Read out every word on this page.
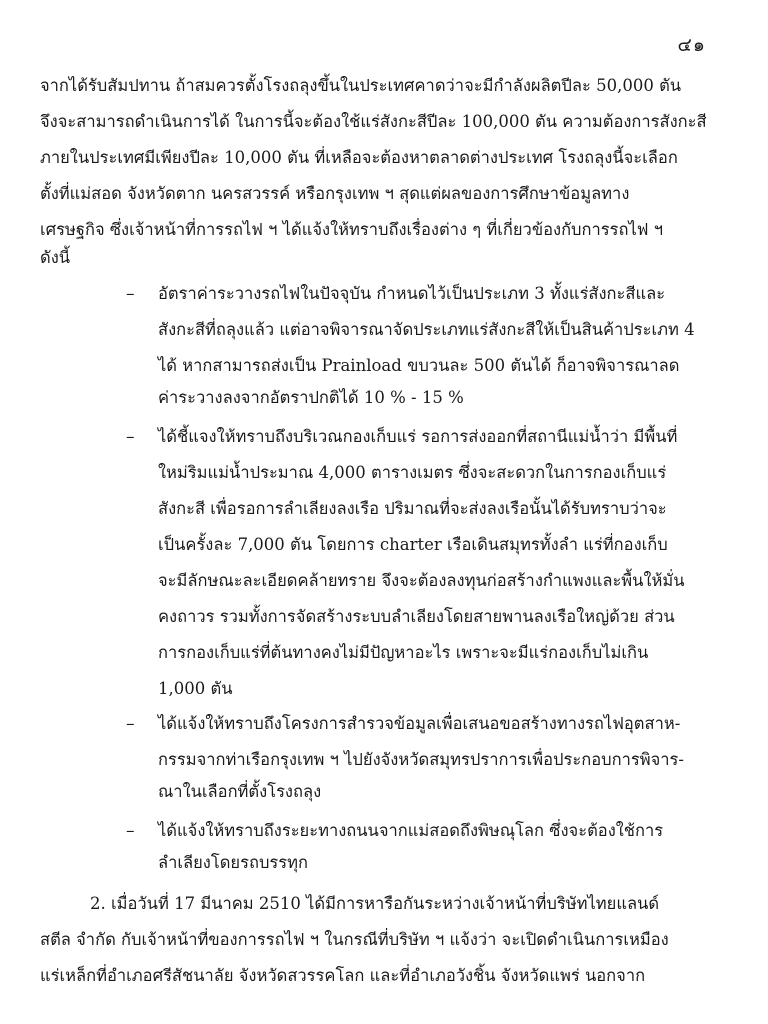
๔๑
จากได้รับสัมปทาน ถ้าสมควรตั้งโรงถลุงขึ้นในประเทศคาดว่าจะมีกำลังผลิตปีละ 50,000 ตัน
จึงจะสามารถดำเนินการได้ ในการนี้จะต้องใช้แร่สังกะสีปีละ 100,000 ตัน ความต้องการสังกะสี
ภายในประเทศมีเพียงปีละ 10,000 ตัน ที่เหลือจะต้องหาตลาดต่างประเทศ โรงถลุงนี้จะเลือก
ตั้งที่แม่สอด จังหวัดตาก นครสวรรค์ หรือกรุงเทพ ฯ สุดแต่ผลของการศึกษาข้อมูลทาง
เศรษฐกิจ ซึ่งเจ้าหน้าที่การรถไฟ ฯ ได้แจ้งให้ทราบถึงเรื่องต่าง ๆ ที่เกี่ยวข้องกับการรถไฟ ฯ
ดังนี้
– อัตราค่าระวางรถไฟในปัจจุบัน กำหนดไว้เป็นประเภท 3 ทั้งแร่สังกะสีและ
สังกะสีที่ถลุงแล้ว แต่อาจพิจารณาจัดประเภทแร่สังกะสีให้เป็นสินค้าประเภท 4
ได้ หากสามารถส่งเป็น Prainload ขบวนละ 500 ตันได้ ก็อาจพิจารณาลด
ค่าระวางลงจากอัตราปกติได้ 10 % - 15 %
– ได้ชี้แจงให้ทราบถึงบริเวณกองเก็บแร่ รอการส่งออกที่สถานีแม่น้ำว่า มีพื้นที่
ใหม่ริมแม่น้ำประมาณ 4,000 ตารางเมตร ซึ่งจะสะดวกในการกองเก็บแร่
สังกะสี เพื่อรอการลำเลียงลงเรือ ปริมาณที่จะส่งลงเรือนั้นได้รับทราบว่าจะ
เป็นครั้งละ 7,000 ตัน โดยการ charter เรือเดินสมุทรทั้งลำ แร่ที่กองเก็บ
จะมีลักษณะละเอียดคล้ายทราย จึงจะต้องลงทุนก่อสร้างกำแพงและพื้นให้มั่น
คงถาวร รวมทั้งการจัดสร้างระบบลำเลียงโดยสายพานลงเรือใหญ่ด้วย ส่วน
การกองเก็บแร่ที่ต้นทางคงไม่มีปัญหาอะไร เพราะจะมีแร่กองเก็บไม่เกิน
1,000 ตัน
– ได้แจ้งให้ทราบถึงโครงการสำรวจข้อมูลเพื่อเสนอขอสร้างทางรถไฟอุตสาห-
กรรมจากท่าเรือกรุงเทพ ฯ ไปยังจังหวัดสมุทรปราการเพื่อประกอบการพิจาร-
ณาในเลือกที่ตั้งโรงถลุง
– ได้แจ้งให้ทราบถึงระยะทางถนนจากแม่สอดถึงพิษณุโลก ซึ่งจะต้องใช้การ
ลำเลียงโดยรถบรรทุก
2. เมื่อวันที่ 17 มีนาคม 2510 ได้มีการหารือกันระหว่างเจ้าหน้าที่บริษัทไทยแลนด์
สตีล จำกัด กับเจ้าหน้าที่ของการรถไฟ ฯ ในกรณีที่บริษัท ฯ แจ้งว่า จะเปิดดำเนินการเหมือง
แร่เหล็กที่อำเภอศรีสัชนาลัย จังหวัดสวรรคโลก และที่อำเภอวังชิ้น จังหวัดแพร่ นอกจาก
